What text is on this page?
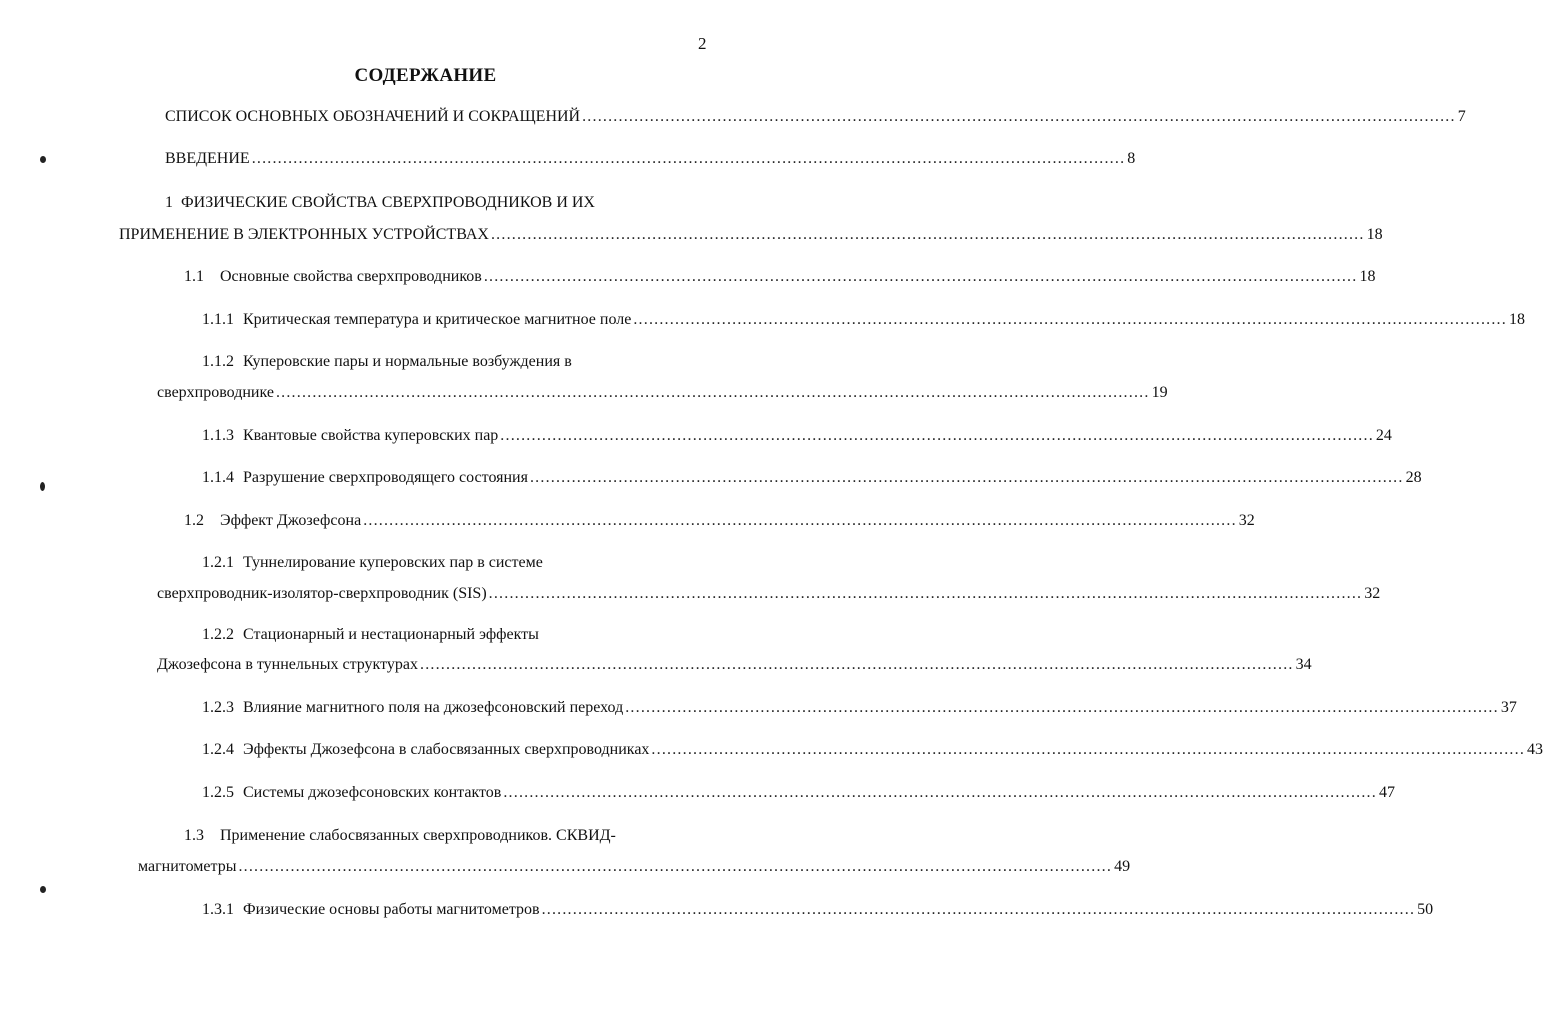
2
СОДЕРЖАНИЕ
СПИСОК ОСНОВНЫХ ОБОЗНАЧЕНИЙ И СОКРАЩЕНИЙ ........................................................................................................................................................................ 7
ВВЕДЕНИЕ ........................................................................................................................................................................ 8
1 ФИЗИЧЕСКИЕ СВОЙСТВА СВЕРХПРОВОДНИКОВ И ИХ
ПРИМЕНЕНИЕ В ЭЛЕКТРОННЫХ УСТРОЙСТВАХ ........................................................................................................................................................................ 18
1.1 Основные свойства сверхпроводников ........................................................................................................................................................................ 18
1.1.1 Критическая температура и критическое магнитное поле ........................................................................................................................................................................ 18
1.1.2 Куперовские пары и нормальные возбуждения в
сверхпроводнике ........................................................................................................................................................................ 19
1.1.3 Квантовые свойства куперовских пар ........................................................................................................................................................................ 24
1.1.4 Разрушение сверхпроводящего состояния ........................................................................................................................................................................ 28
1.2 Эффект Джозефсона ........................................................................................................................................................................ 32
1.2.1 Туннелирование куперовских пар в системе
сверхпроводник-изолятор-сверхпроводник (SIS) ........................................................................................................................................................................ 32
1.2.2 Стационарный и нестационарный эффекты
Джозефсона в туннельных структурах ........................................................................................................................................................................ 34
1.2.3 Влияние магнитного поля на джозефсоновский переход ........................................................................................................................................................................ 37
1.2.4 Эффекты Джозефсона в слабосвязанных сверхпроводниках ........................................................................................................................................................................ 43
1.2.5 Системы джозефсоновских контактов ........................................................................................................................................................................ 47
1.3 Применение слабосвязанных сверхпроводников. СКВИД-
магнитометры ........................................................................................................................................................................ 49
1.3.1 Физические основы работы магнитометров ........................................................................................................................................................................ 50
